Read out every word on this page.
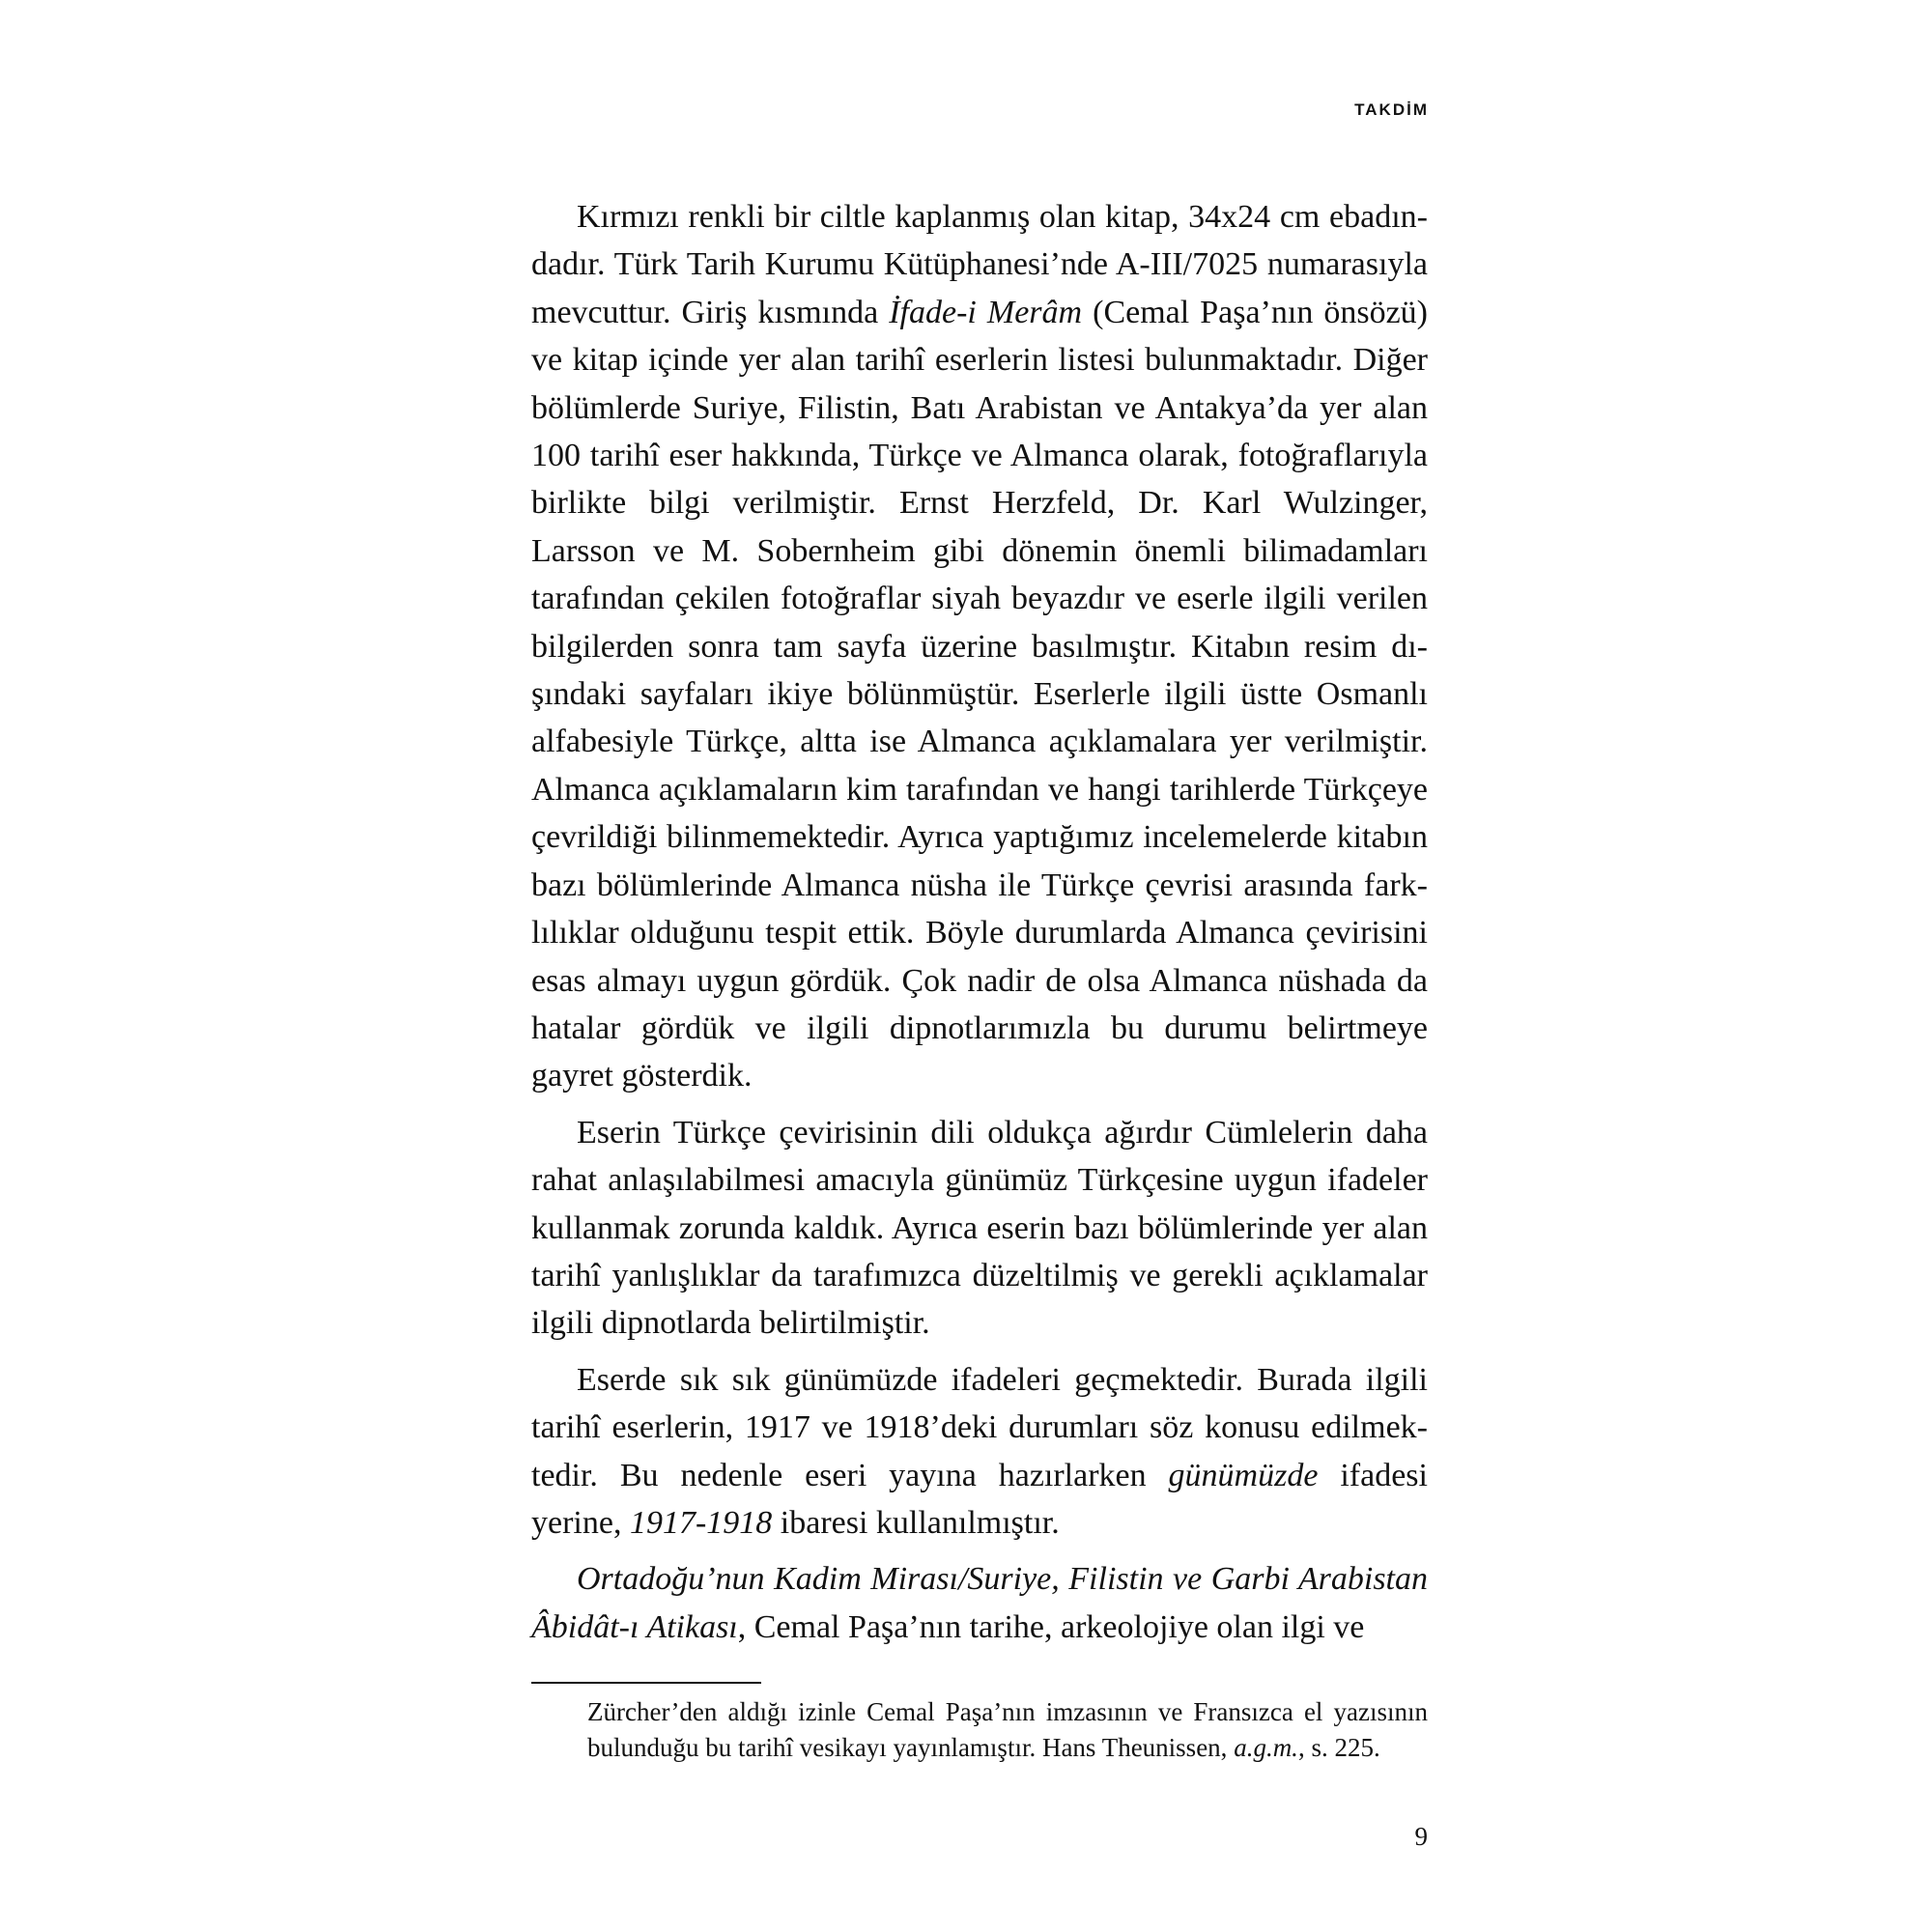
TAKDİM

Kırmızı renkli bir ciltle kaplanmış olan kitap, 34x24 cm ebadındadır. Türk Tarih Kurumu Kütüphanesi’nde A-III/7025 numarasıyla mevcuttur. Giriş kısmında İfade-i Merâm (Cemal Paşa’nın önsözü) ve kitap içinde yer alan tarihî eserlerin listesi bulunmaktadır. Diğer bölümlerde Suriye, Filistin, Batı Arabistan ve Antakya’da yer alan 100 tarihî eser hakkında, Türkçe ve Almanca olarak, fotoğraflarıyla birlikte bilgi verilmiştir. Ernst Herzfeld, Dr. Karl Wulzinger, Larsson ve M. Sobernheim gibi dönemin önemli bilimadamları tarafından çekilen fotoğraflar siyah beyazdır ve eserle ilgili verilen bilgilerden sonra tam sayfa üzerine basılmıştır. Kitabın resim dışındaki sayfaları ikiye bölünmüştür. Eserlerle ilgili üstte Osmanlı alfabesiyle Türkçe, altta ise Almanca açıklamalara yer verilmiştir. Almanca açıklamaların kim tarafından ve hangi tarihlerde Türkçeye çevrildiği bilinmemektedir. Ayrıca yaptığımız incelemelerde kitabın bazı bölümlerinde Almanca nüsha ile Türkçe çevrisi arasında farklılıklar olduğunu tespit ettik. Böyle durumlarda Almanca çevirisini esas almayı uygun gördük. Çok nadir de olsa Almanca nüshada da hatalar gördük ve ilgili dipnotlarımızla bu durumu belirtmeye gayret gösterdik.

Eserin Türkçe çevirisinin dili oldukça ağırdır Cümlelerin daha rahat anlaşılabilmesi amacıyla günümüz Türkçesine uygun ifadeler kullanmak zorunda kaldık. Ayrıca eserin bazı bölümlerinde yer alan tarihî yanlışlıklar da tarafımızca düzeltilmiş ve gerekli açıklamalar ilgili dipnotlarda belirtilmiştir.

Eserde sık sık günümüzde ifadeleri geçmektedir. Burada ilgili tarihî eserlerin, 1917 ve 1918’deki durumları söz konusu edilmektedir. Bu nedenle eseri yayına hazırlarken günümüzde ifadesi yerine, 1917-1918 ibaresi kullanılmıştır.

Ortadoğu’nun Kadim Mirası/Suriye, Filistin ve Garbi Arabistan Âbidât-ı Atikası, Cemal Paşa’nın tarihe, arkeolojiye olan ilgi ve

Zürcher’den aldığı izinle Cemal Paşa’nın imzasının ve Fransızca el yazısının bulunduğu bu tarihî vesikayı yayınlamıştır. Hans Theunissen, a.g.m., s. 225.
9
